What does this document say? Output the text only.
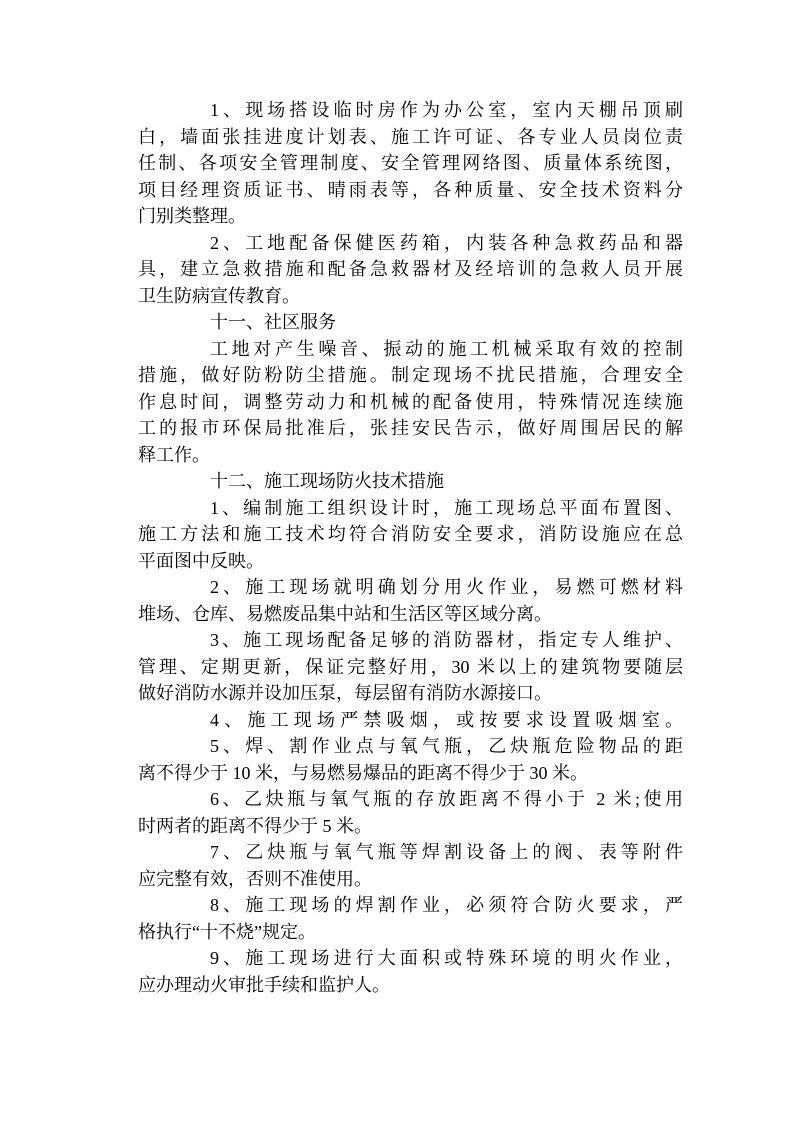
1、现场搭设临时房作为办公室，室内天棚吊顶刷
白，墙面张挂进度计划表、施工许可证、各专业人员岗位责
任制、各项安全管理制度、安全管理网络图、质量体系统图，
项目经理资质证书、晴雨表等，各种质量、安全技术资料分
门别类整理。
2、工地配备保健医药箱，内装各种急救药品和器
具，建立急救措施和配备急救器材及经培训的急救人员开展
卫生防病宣传教育。
十一、社区服务
工地对产生噪音、振动的施工机械采取有效的控制
措施，做好防粉防尘措施。制定现场不扰民措施，合理安全
作息时间，调整劳动力和机械的配备使用，特殊情况连续施
工的报市环保局批准后，张挂安民告示，做好周围居民的解
释工作。
十二、施工现场防火技术措施
1、编制施工组织设计时，施工现场总平面布置图、
施工方法和施工技术均符合消防安全要求，消防设施应在总
平面图中反映。
2、施工现场就明确划分用火作业，易燃可燃材料
堆场、仓库、易燃废品集中站和生活区等区域分离。
3、施工现场配备足够的消防器材，指定专人维护、
管理、定期更新，保证完整好用，30 米以上的建筑物要随层
做好消防水源并设加压泵，每层留有消防水源接口。
4、施工现场严禁吸烟，或按要求设置吸烟室。
5、焊、割作业点与氧气瓶，乙炔瓶危险物品的距
离不得少于 10 米，与易燃易爆品的距离不得少于 30 米。
6、乙炔瓶与氧气瓶的存放距离不得小于 2 米;使用
时两者的距离不得少于 5 米。
7、乙炔瓶与氧气瓶等焊割设备上的阀、表等附件
应完整有效，否则不准使用。
8、施工现场的焊割作业，必须符合防火要求，严
格执行“十不烧”规定。
9、施工现场进行大面积或特殊环境的明火作业，
应办理动火审批手续和监护人。
